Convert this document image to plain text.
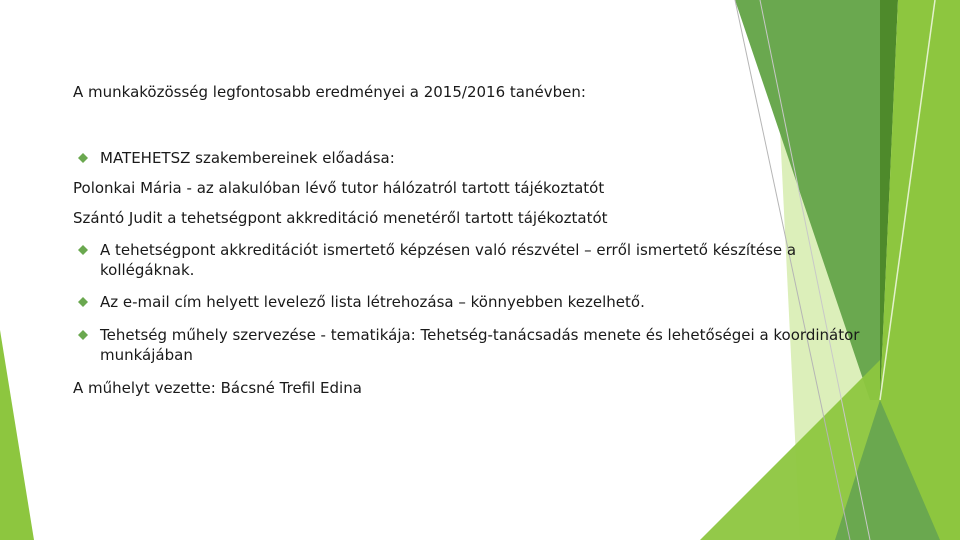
A munkaközösség legfontosabb eredményei a 2015/2016 tanévben:
MATEHETSZ szakembereinek előadása:
Polonkai Mária - az alakulóban lévő tutor hálózatról tartott tájékoztatót
Szántó Judit a tehetségpont akkreditáció menetéről tartott tájékoztatót
A tehetségpont akkreditációt ismertető képzésen való részvétel – erről ismertető készítése a kollégáknak.
Az e-mail cím helyett levelező lista létrehozása – könnyebben kezelhető.
Tehetség műhely szervezése - tematikája: Tehetség-tanácsadás menete és lehetőségei a koordinátor munkájában
A műhelyt vezette: Bácsné Trefil Edina
